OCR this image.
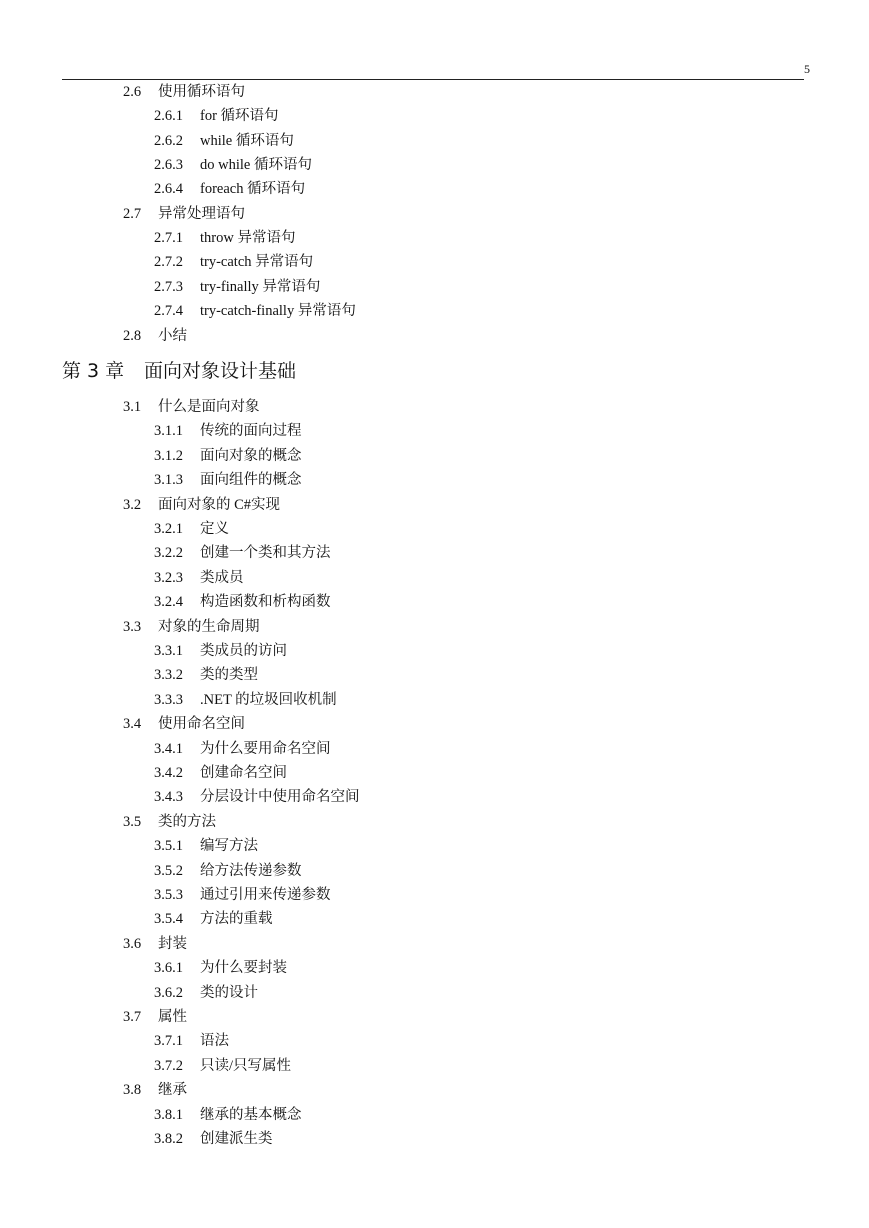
5
2.6 使用循环语句
2.6.1 for 循环语句
2.6.2 while 循环语句
2.6.3 do while 循环语句
2.6.4 foreach 循环语句
2.7 异常处理语句
2.7.1 throw 异常语句
2.7.2 try-catch 异常语句
2.7.3 try-finally 异常语句
2.7.4 try-catch-finally 异常语句
2.8 小结
第 3 章 面向对象设计基础
3.1 什么是面向对象
3.1.1 传统的面向过程
3.1.2 面向对象的概念
3.1.3 面向组件的概念
3.2 面向对象的 C#实现
3.2.1 定义
3.2.2 创建一个类和其方法
3.2.3 类成员
3.2.4 构造函数和析构函数
3.3 对象的生命周期
3.3.1 类成员的访问
3.3.2 类的类型
3.3.3 .NET 的垃圾回收机制
3.4 使用命名空间
3.4.1 为什么要用命名空间
3.4.2 创建命名空间
3.4.3 分层设计中使用命名空间
3.5 类的方法
3.5.1 编写方法
3.5.2 给方法传递参数
3.5.3 通过引用来传递参数
3.5.4 方法的重载
3.6 封装
3.6.1 为什么要封装
3.6.2 类的设计
3.7 属性
3.7.1 语法
3.7.2 只读/只写属性
3.8 继承
3.8.1 继承的基本概念
3.8.2 创建派生类
